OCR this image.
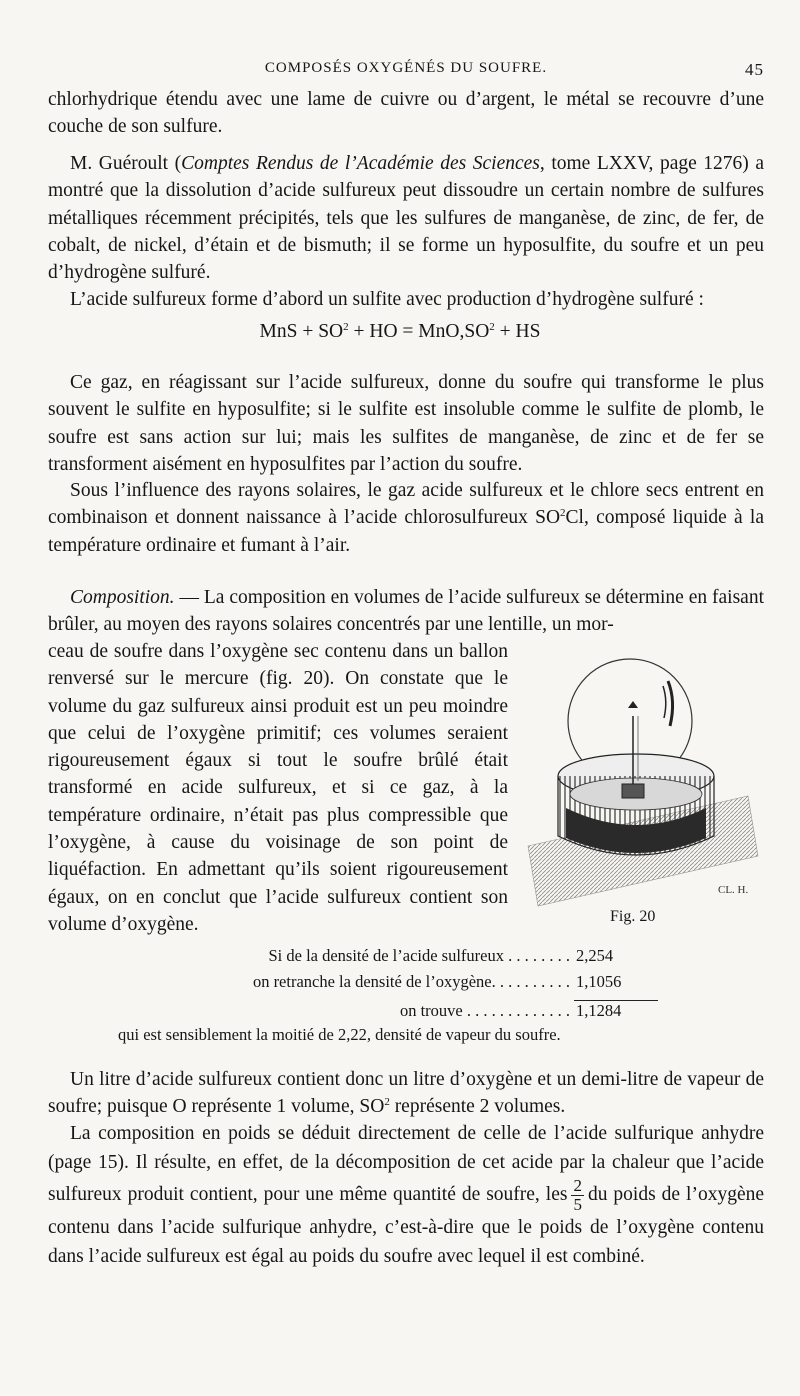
COMPOSÉS OXYGÉNÉS DU SOUFRE.	45

chlorhydrique étendu avec une lame de cuivre ou d’argent, le métal se recouvre d’une couche de son sulfure.

M. Guéroult (Comptes Rendus de l’Académie des Sciences, tome LXXV, page 1276) a montré que la dissolution d’acide sulfureux peut dissoudre un certain nombre de sulfures métalliques récemment précipités, tels que les sulfures de manganèse, de zinc, de fer, de cobalt, de nickel, d’étain et de bismuth; il se forme un hyposulfite, du soufre et un peu d’hydrogène sulfuré.

L’acide sulfureux forme d’abord un sulfite avec production d’hydrogène sulfuré :

MnS + $SO^2$ + HO = $MnO,SO^2$ + HS

Ce gaz, en réagissant sur l’acide sulfureux, donne du soufre qui transforme le plus souvent le sulfite en hyposulfite; si le sulfite est insoluble comme le sulfite de plomb, le soufre est sans action sur lui; mais les sulfites de manganèse, de zinc et de fer se transforment aisément en hyposulfites par l’action du soufre.

Sous l’influence des rayons solaires, le gaz acide sulfureux et le chlore secs entrent en combinaison et donnent naissance à l’acide chlorosulfureux $SO^2Cl$, composé liquide à la température ordinaire et fumant à l’air.

Composition. — La composition en volumes de l’acide sulfureux se détermine en faisant brûler, au moyen des rayons solaires concentrés par une lentille, un mor-

ceau de soufre dans l’oxygène sec contenu dans un ballon renversé sur le mercure (fig. 20). On constate que le volume du gaz sulfureux ainsi produit est un peu moindre que celui de l’oxygène primitif; ces volumes seraient rigoureusement égaux si tout le soufre brûlé était transformé en acide sulfureux, et si ce gaz, à la température ordinaire, n’était pas plus compressible que l’oxygène, à cause du voisinage de son point de liquéfaction. En admettant qu’ils soient rigoureusement égaux, on en conclut que l’acide sulfureux contient son volume d’oxygène.

CL. H.
Fig. 20
Si de la densité de l’acide sulfureux . . . . . . . . 2,254
on retranche la densité de l’oxygène. . . . . . . . . . 1,1056
on trouve . . . . . . . . . . . . . 1,1284
qui est sensiblement la moitié de 2,22, densité de vapeur du soufre.

Un litre d’acide sulfureux contient donc un litre d’oxygène et un demi-litre de vapeur de soufre; puisque O représente 1 volume, $SO^2$ représente 2 volumes.

La composition en poids se déduit directement de celle de l’acide sulfurique anhydre (page 15). Il résulte, en effet, de la décomposition de cet acide par la chaleur que l’acide sulfureux produit contient, pour une même quantité de soufre, les $\frac{2}{5}$ du poids de l’oxygène contenu dans l’acide sulfurique anhydre, c’est-à-dire que le poids de l’oxygène contenu dans l’acide sulfureux est égal au poids du soufre avec lequel il est combiné.
